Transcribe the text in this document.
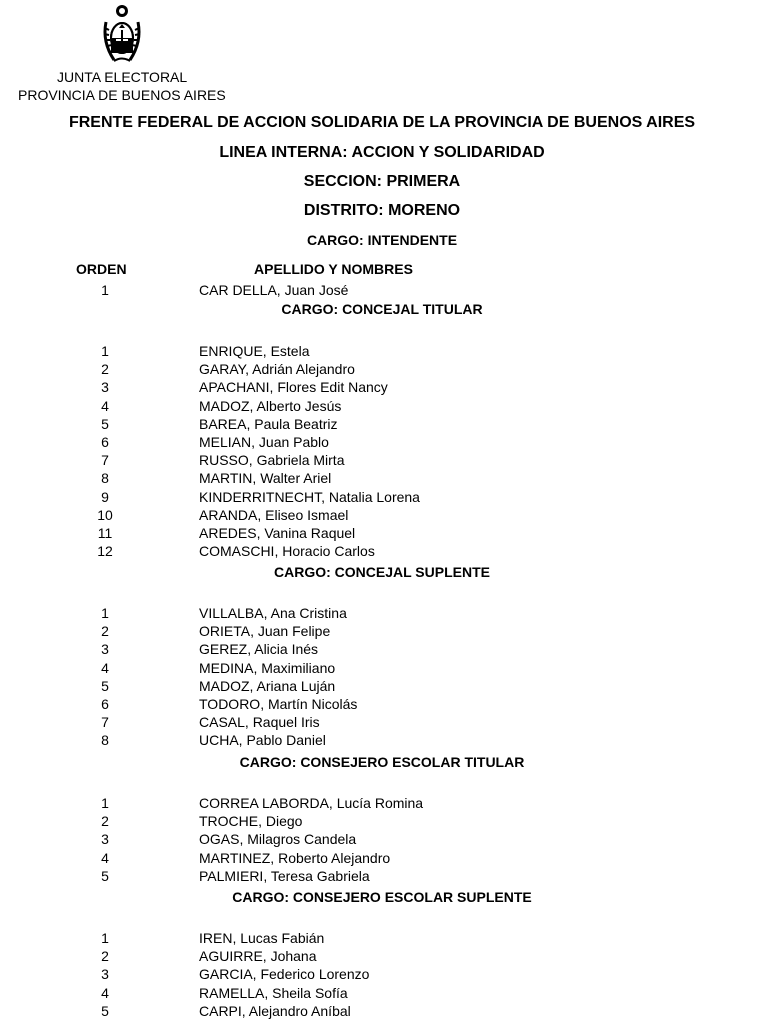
JUNTA ELECTORAL
PROVINCIA DE BUENOS AIRES
FRENTE FEDERAL DE ACCION SOLIDARIA DE LA PROVINCIA DE BUENOS AIRES
LINEA INTERNA: ACCION Y SOLIDARIDAD
SECCION: PRIMERA
DISTRITO: MORENO
CARGO: INTENDENTE
ORDEN	APELLIDO Y NOMBRES
1	CAR DELLA, Juan José
CARGO: CONCEJAL TITULAR
1	ENRIQUE, Estela
2	GARAY, Adrián Alejandro
3	APACHANI, Flores Edit Nancy
4	MADOZ, Alberto Jesús
5	BAREA, Paula Beatriz
6	MELIAN, Juan Pablo
7	RUSSO, Gabriela Mirta
8	MARTIN, Walter Ariel
9	KINDERRITNECHT, Natalia Lorena
10	ARANDA, Eliseo Ismael
11	AREDES, Vanina Raquel
12	COMASCHI, Horacio Carlos
CARGO: CONCEJAL SUPLENTE
1	VILLALBA, Ana Cristina
2	ORIETA, Juan Felipe
3	GEREZ, Alicia Inés
4	MEDINA, Maximiliano
5	MADOZ, Ariana Luján
6	TODORO, Martín Nicolás
7	CASAL, Raquel Iris
8	UCHA, Pablo Daniel
CARGO: CONSEJERO ESCOLAR TITULAR
1	CORREA LABORDA, Lucía Romina
2	TROCHE, Diego
3	OGAS, Milagros Candela
4	MARTINEZ, Roberto Alejandro
5	PALMIERI, Teresa Gabriela
CARGO: CONSEJERO ESCOLAR SUPLENTE
1	IREN, Lucas Fabián
2	AGUIRRE, Johana
3	GARCIA, Federico Lorenzo
4	RAMELLA, Sheila Sofía
5	CARPI, Alejandro Aníbal
